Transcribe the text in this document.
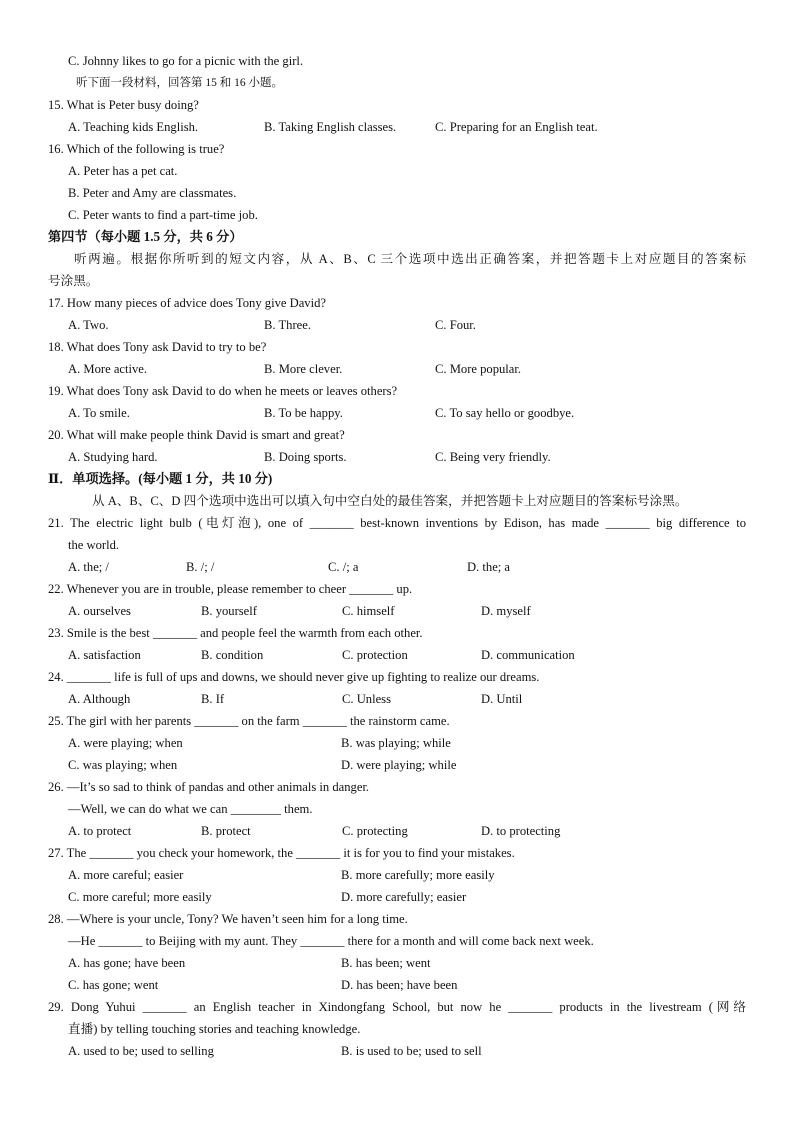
C. Johnny likes to go for a picnic with the girl.
听下面一段材料，回答第 15 和 16 小题。
15. What is Peter busy doing?
A. Teaching kids English.	B. Taking English classes.	C. Preparing for an English teat.
16. Which of the following is true?
A. Peter has a pet cat.
B. Peter and Amy are classmates.
C. Peter wants to find a part-time job.
第四节（每小题 1.5 分，共 6 分）
听两遍。根据你所听到的短文内容，从 A、B、C 三个选项中选出正确答案，并把答题卡上对应题目的答案标
号涂黑。
17. How many pieces of advice does Tony give David?
A. Two.	B. Three.	C. Four.
18. What does Tony ask David to try to be?
A. More active.	B. More clever.	C. More popular.
19. What does Tony ask David to do when he meets or leaves others?
A. To smile.	B. To be happy.	C. To say hello or goodbye.
20. What will make people think David is smart and great?
A. Studying hard.	B. Doing sports.	C. Being very friendly.
Ⅱ．单项选择。(每小题 1 分，共 10 分)
从 A、B、C、D 四个选项中选出可以填入句中空白处的最佳答案，并把答题卡上对应题目的答案标号涂黑。
21. The electric light bulb (电灯泡), one of _______ best-known inventions by Edison, has made _______ big difference to
the world.
A. the; /	B. /; /	C. /; a	D. the; a
22. Whenever you are in trouble, please remember to cheer _______ up.
A. ourselves	B. yourself	C. himself	D. myself
23. Smile is the best _______ and people feel the warmth from each other.
A. satisfaction	B. condition	C. protection	D. communication
24. _______ life is full of ups and downs, we should never give up fighting to realize our dreams.
A. Although	B. If	C. Unless	D. Until
25. The girl with her parents _______ on the farm _______ the rainstorm came.
A. were playing; when	B. was playing; while
C. was playing; when	D. were playing; while
26. —It’s so sad to think of pandas and other animals in danger.
—Well, we can do what we can ________ them.
A. to protect	B. protect	C. protecting	D. to protecting
27. The _______ you check your homework, the _______ it is for you to find your mistakes.
A. more careful; easier	B. more carefully; more easily
C. more careful; more easily	D. more carefully; easier
28. —Where is your uncle, Tony? We haven’t seen him for a long time.
—He _______ to Beijing with my aunt. They _______ there for a month and will come back next week.
A. has gone; have been	B. has been; went
C. has gone; went	D. has been; have been
29. Dong Yuhui _______ an English teacher in Xindongfang School, but now he _______ products in the livestream (网络
直播) by telling touching stories and teaching knowledge.
A. used to be; used to selling	B. is used to be; used to sell
